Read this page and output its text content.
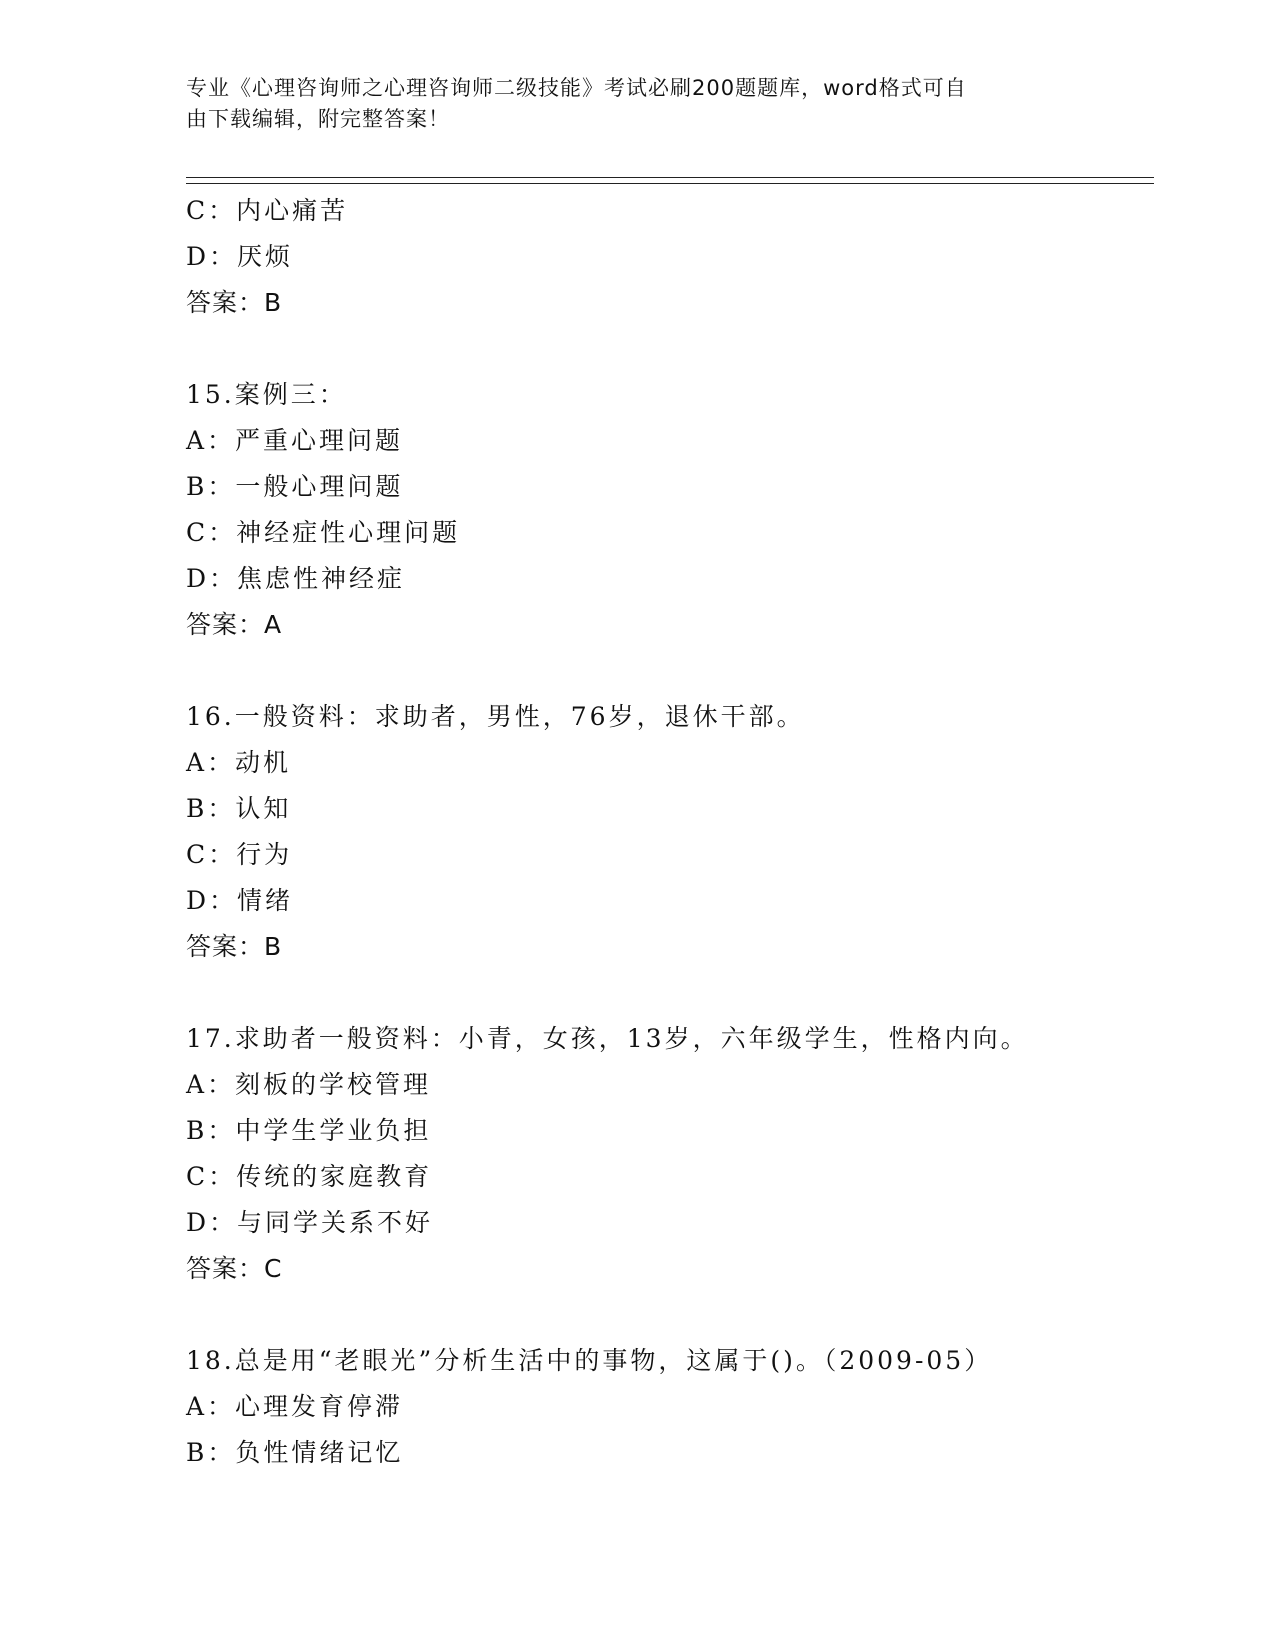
专业《心理咨询师之心理咨询师二级技能》考试必刷200题题库，word格式可自
由下载编辑，附完整答案！
C：内心痛苦
D：厌烦
答案：B
15.案例三：
A：严重心理问题
B：一般心理问题
C：神经症性心理问题
D：焦虑性神经症
答案：A
16.一般资料：求助者，男性，76岁，退休干部。
A：动机
B：认知
C：行为
D：情绪
答案：B
17.求助者一般资料：小青，女孩，13岁，六年级学生，性格内向。
A：刻板的学校管理
B：中学生学业负担
C：传统的家庭教育
D：与同学关系不好
答案：C
18.总是用“老眼光”分析生活中的事物，这属于()。（2009-05）
A：心理发育停滞
B：负性情绪记忆
